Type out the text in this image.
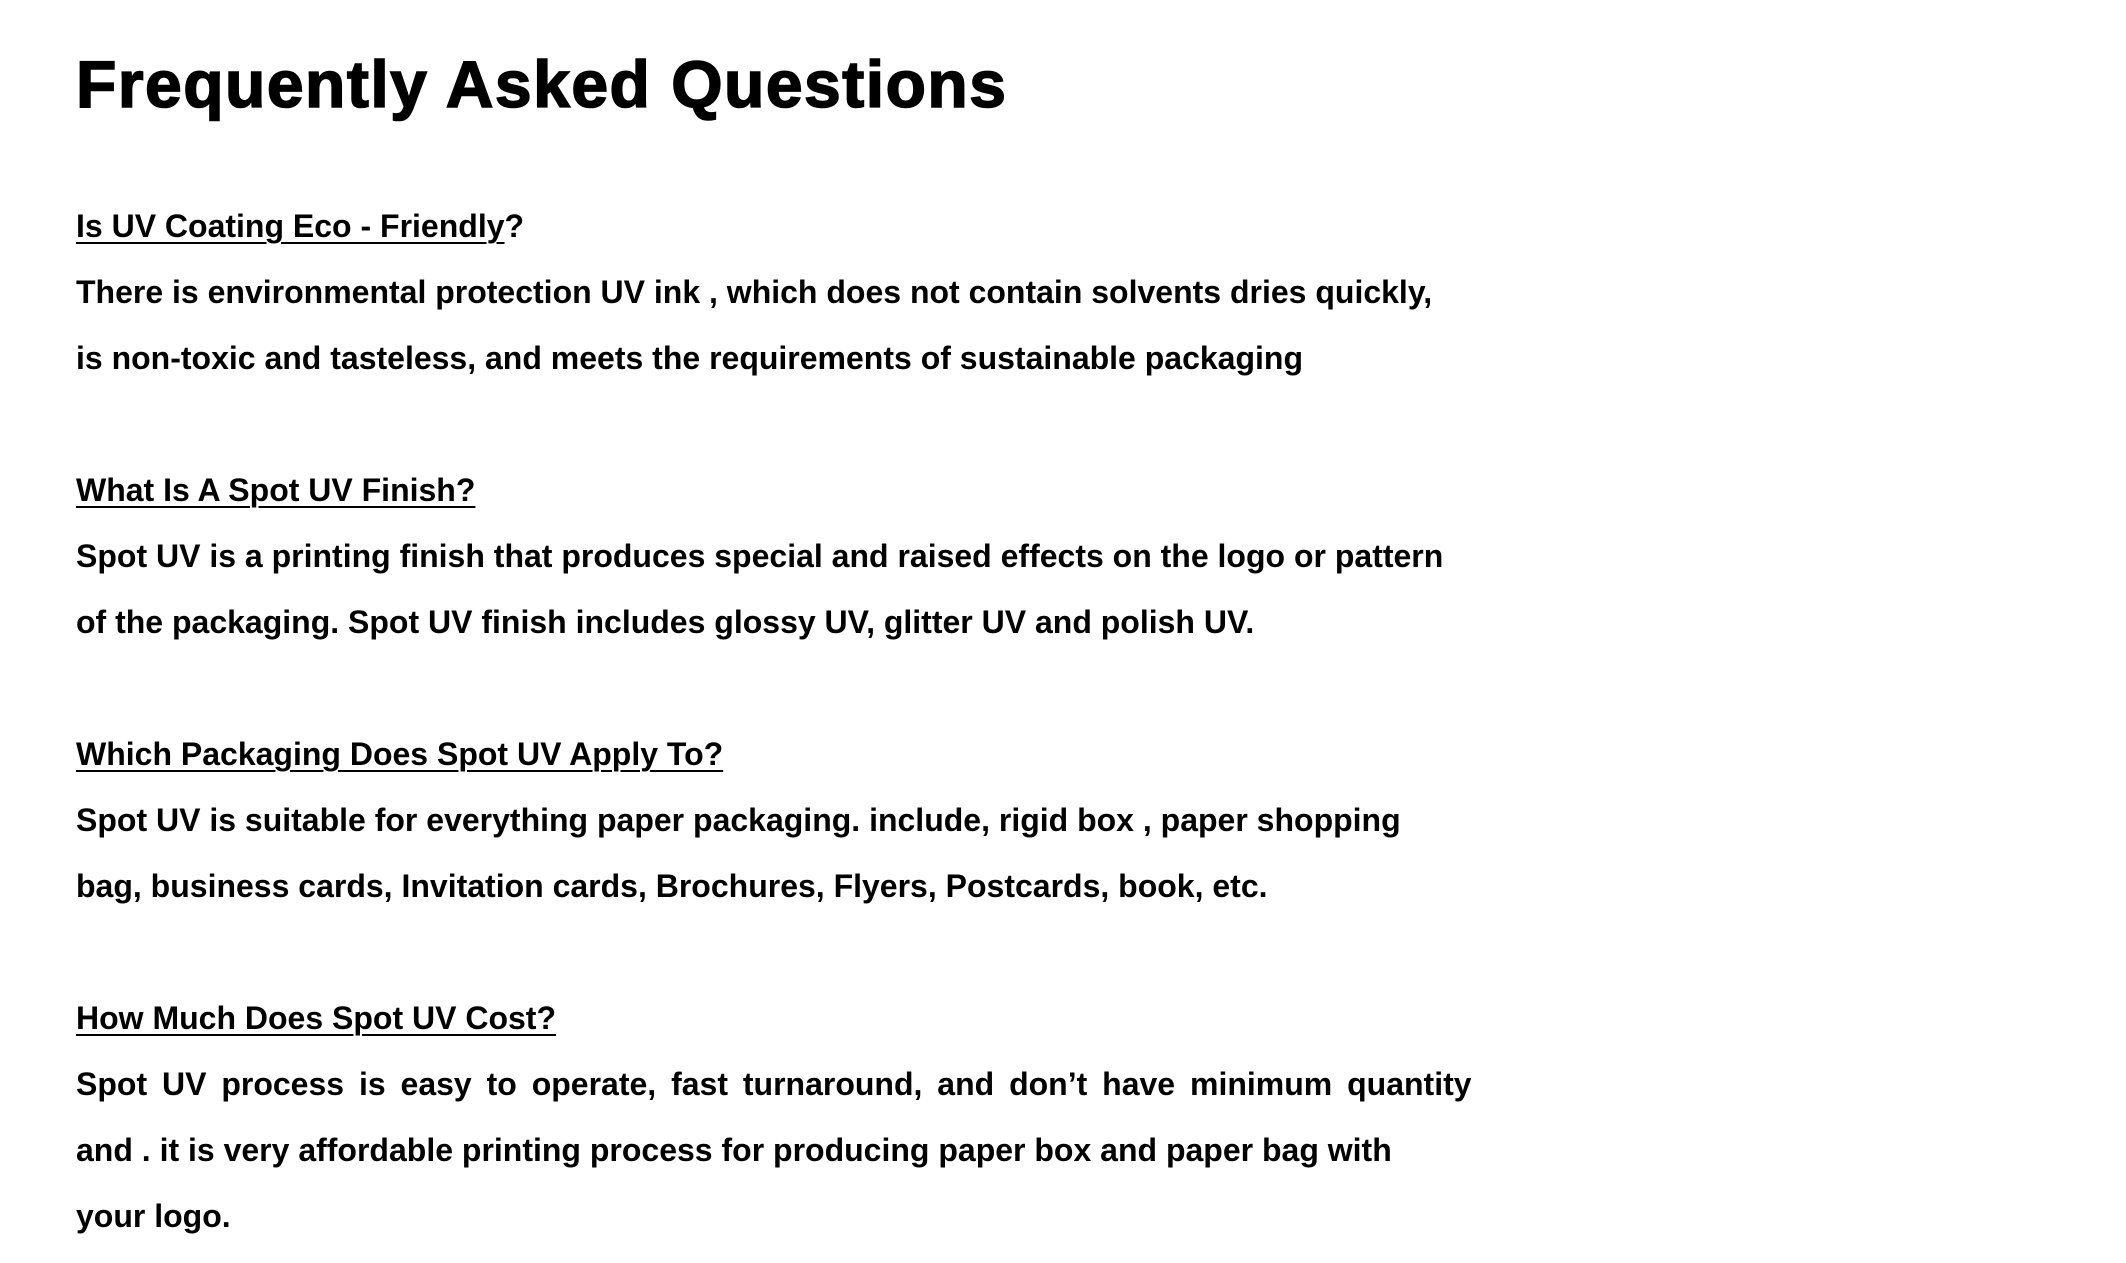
Frequently Asked Questions

Is UV Coating Eco - Friendly?

There is environmental protection UV ink , which does not contain solvents dries quickly,

is non-toxic and tasteless, and meets the requirements of sustainable packaging

What Is A Spot UV Finish?

Spot UV is a printing finish that produces special and raised effects on the logo or pattern

of the packaging. Spot UV finish includes glossy UV, glitter UV and polish UV.

Which Packaging Does Spot UV Apply To?

Spot UV is suitable for everything paper packaging. include, rigid box , paper shopping

bag, business cards, Invitation cards, Brochures, Flyers, Postcards, book, etc.

How Much Does Spot UV Cost?

Spot UV process is easy to operate, fast turnaround, and don’t have minimum quantity

and . it is very affordable printing process for producing paper box and paper bag with

your logo.
